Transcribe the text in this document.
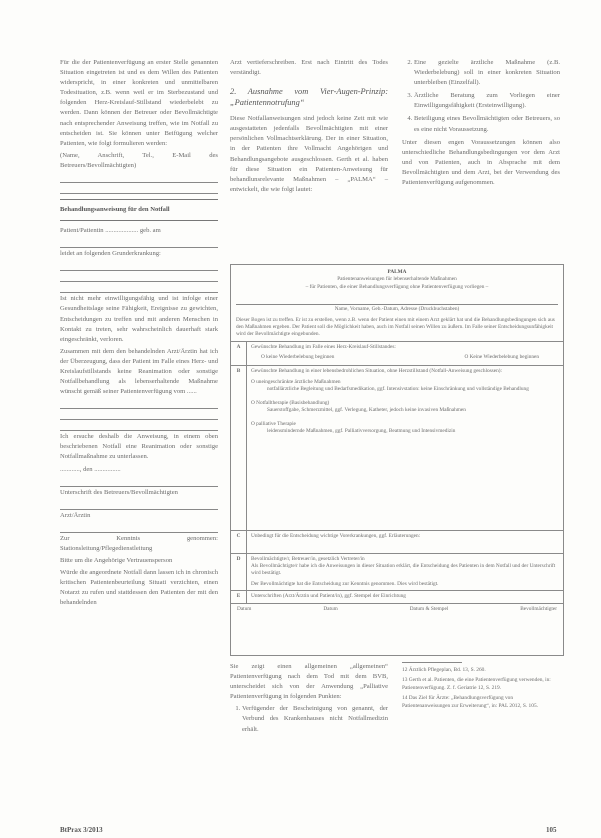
Für die der Patientenverfügung an erster Stelle genannten Situation eingetreten ist und es dem Willen des Patienten widerspricht, in einer konkreten und unmittelbaren Todesituation, z.B. wenn weil er im Sterbezustand und folgenden Herz-Kreislauf-Stillstand wiederbelebt zu werden. Dann können der Betreuer oder Bevollmächtigte nach entsprechender Anweisung treffen, wie im Notfall zu entscheiden ist. Sie können unter Beifügung welcher Patienten, wie folgt formulieren werden:

(Name, Anschrift, Tel., E-Mail des Betreuers/Bevollmächtigten)

Behandlungsanweisung für den Notfall

Patient/Patientin .................... geb. am

leidet an folgenden Grunderkrankung:

Ist nicht mehr einwilligungsfähig und ist infolge einer Gesundheitslage seine Fähigkeit, Ereignisse zu gewichten, Entscheidungen zu treffen und mit anderen Menschen in Kontakt zu treten, sehr wahrscheinlich dauerhaft stark eingeschränkt, verloren.

Zusammen mit dem den behandelnden Arzt/Ärztin hat ich der Überzeugung, dass der Patient im Falle eines Herz- und Kreislaufstillstands keine Reanimation oder sonstige Notfallbehandlung als lebenserhaltende Maßnahme wünscht gemäß seiner Patientenverfügung vom ......

Ich ersuche deshalb die Anweisung, in einem oben beschriebenen Notfall eine Reanimation oder sonstige Notfallmaßnahme zu unterlassen.

............, den ................

Unterschrift des Betreuers/Bevollmächtigten

Arzt/Ärztin

Zur Kenntnis genommen: Stationsleitung/Pflegedienstleitung

Bitte um die Angehörige Vertrauensperson

Würde die angeordnete Notfall dann lassen ich in chronisch kritischen Patientenbeurteilung Situati verzichten, einen Notarzt zu rufen und stattdessen den Patienten der mit den behandelnden

Arzt vertieferschreiben. Erst nach Eintritt des Todes verständigt.

2. Ausnahme vom Vier-Augen-Prinzip: „Patientennotrufung“

Diese Notfallanweisungen sind jedoch keine Zeit mit wie ausgestatteten jedenfalls Bevollmächtigten mit einer persönlichen Vollmachtserklärung. Der in einer Situation, in der Patienten ihre Vollmacht Angehörigen und Behandlungsangebote ausgeschlossen. Gerth et al. haben für diese Situation ein Patienten-Anweisung für behandlunsrelevante Maßnahmen – „PALMA“ – entwickelt, die wie folgt lautet:

2. Eine gezielte ärztliche Maßnahme (z.B. Wiederbelebung) soll in einer konkreten Situation unterbleiben (Einzelfall).
3. Ärztliche Beratung zum Vorliegen einer Einwilligungsfähigkeit (Ersteinwilligung).
4. Beteiligung eines Bevollmächtigten oder Betreuers, so es eine nicht Voraussetzung.

Unter diesen engen Voraussetzungen können also unterschiedliche Behandlungsbedingungen vor dem Arzt und von Patienten, auch in Absprache mit dem Bevollmächtigten und dem Arzt, bei der Verwendung des Patientenverfügung aufgenommen.

PALMA
Patientenanweisungen für lebenserhaltende Maßnahmen
– für Patienten, die einer Behandlungsverfügung ohne Patientenverfügung vorliegen –
Name, Vorname, Geb.-Datum, Adresse (Druckbuchstaben)

Dieser Bogen ist zu treffen. Er ist zu erstellen, wenn z.B. wenn der Patient einen mit einem Arzt geklärt hat und die Behandlungsbedingungen sich aus den Maßnahmen ergeben. Der Patient soll die Möglichkeit haben, auch im Notfall seinen Willen zu äußern. Im Falle seiner Entscheidungsunfähigkeit wird der Bevollmächtigte eingebunden.

A	Gewünschte Behandlung im Falle eines Herz-Kreislauf-Stillstandes:
O keine Wiederbelebung beginnen	O Keine Wiederbelebung beginnen
B	Gewünschte Behandlung in einer lebensbedrohlichen Situation, ohne Herzstillstand (Notfall-Anweisung geschlossen):
O uneingeschränkte ärztliche Maßnahmen
notfallärztliche Begleitung und Bedarfsmedikation, ggf. Intensivstation: keine Einschränkung und vollständige Behandlung
O Notfalltherapie (Basisbehandlung)
Sauerstoffgabe, Schmerzmittel, ggf. Verlegung, Katheter, jedoch keine invasiven Maßnahmen
O palliative Therapie
leidensmindernde Maßnahmen, ggf. Palliativversorgung, Beatmung und Intensivmedizin
C	Unbedingt für die Entscheidung wichtige Vorerkrankungen, ggf. Erläuterungen:
D	Bevollmächtigte/r, Betreuer/in, gesetzlich Vertreter/in
Als Bevollmächtigte/r habe ich die Anweisungen in dieser Situation erklärt, die Entscheidung des Patienten in dem Notfall und der Unterschrift wird bestätigt.
Der Bevollmächtigte hat die Entscheidung zur Kenntnis genommen. Dies wird bestätigt.
E	Unterschriften (Arzt/Ärztin und Patient/in), ggf. Stempel der Einrichtung
Datum	Datum	Datum & Stempel	Bevollmächtigter

Sie zeigt einen allgemeinen „allgemeinen“ Patientenverfügung nach dem Tod mit dem BVB, unterscheidet sich von der Anwendung „Palliative Patientenverfügung in folgenden Punkten:

1. Verfügender der Bescheinigung von genannt, der Verbund des Krankenhauses nicht Notfallmedizin erhält.

12 Ärztlich Pflegeplan, Bd. 13, S. 260.

13 Gerth et al. Patienten, die eine Patientenverfügung verwenden, in: Patientenverfügung. Z. f. Geriatrie 12, S. 219.

14 Das Ziel für Ärzte: „Behandlungsverfügung von Patientenanweisungen zur Erweiterung“, in: PAL 2012, S. 105.

BtPrax 3/2013	105
